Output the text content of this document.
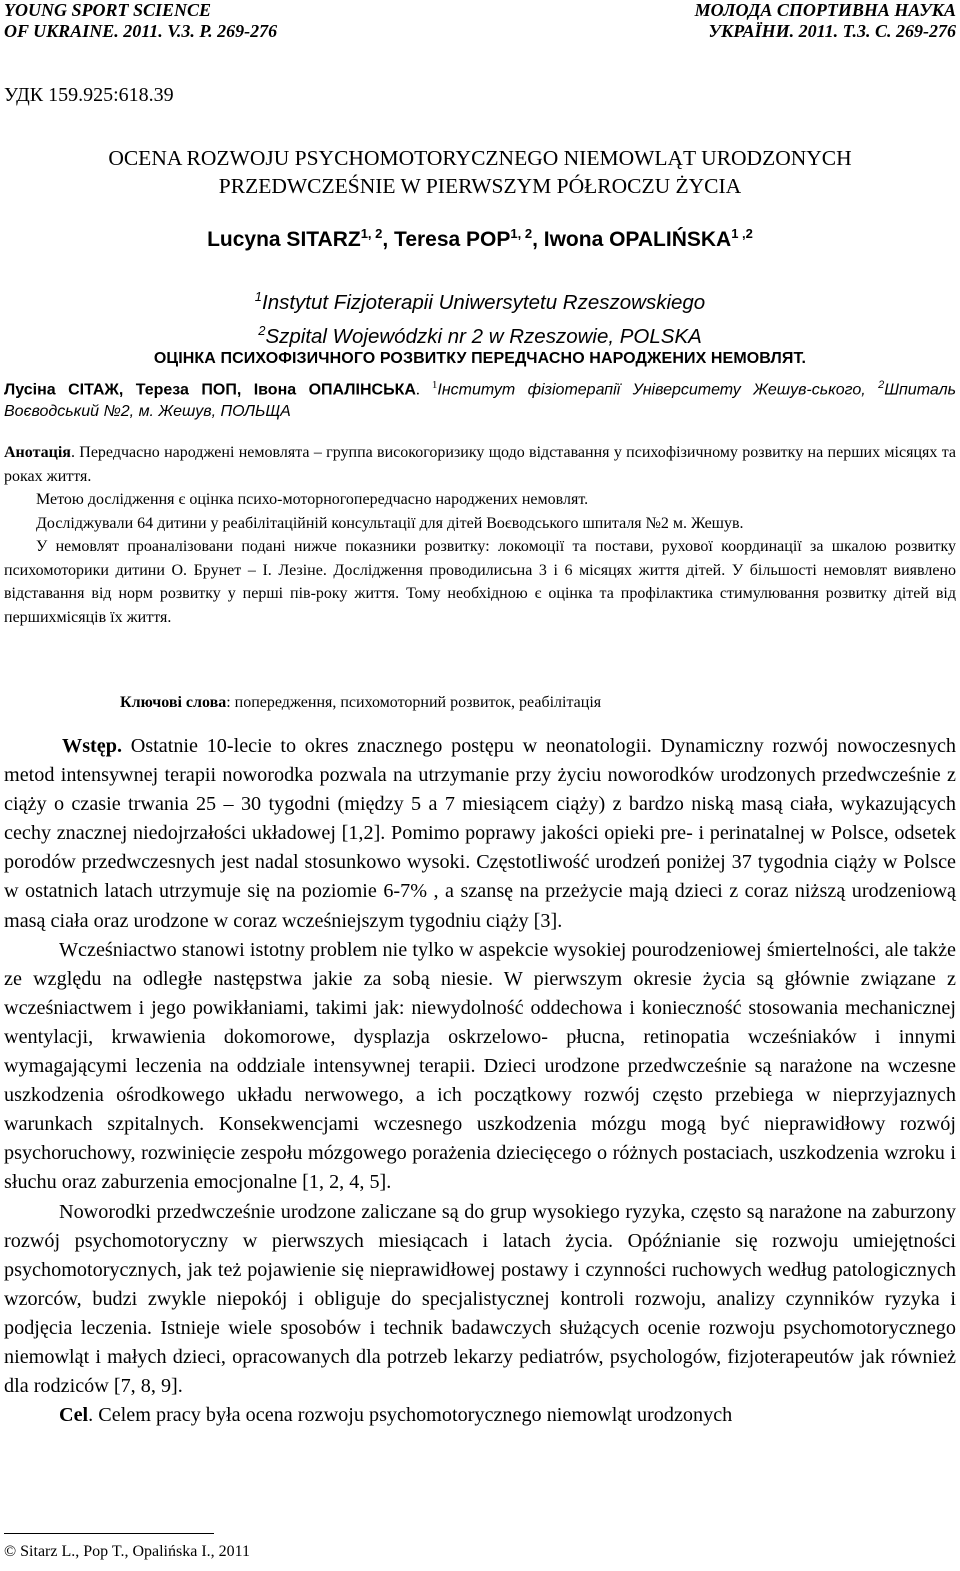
YOUNG SPORT SCIENCE
OF UKRAINE. 2011. V.3. P. 269-276
МОЛОДА СПОРТИВНА НАУКА
УКРАЇНИ. 2011. Т.3. С. 269-276
УДК 159.925:618.39
OCENA ROZWOJU PSYCHOMOTORYCZNEGO NIEMOWLĄT URODZONYCH
PRZEDWCZEŚNIE W PIERWSZYM PÓŁROCZU ŻYCIA
Lucyna SITARZ$^{1, 2}$, Teresa POP$^{1, 2}$, Iwona OPALIŃSKA$^{1 ,2}$
$^1$Instytut Fizjoterapii Uniwersytetu Rzeszowskiego
$^2$Szpital Wojewódzki nr 2 w Rzeszowie, POLSKA
ОЦІНКА ПСИХОФІЗИЧНОГО РОЗВИТКУ ПЕРЕДЧАСНО НАРОДЖЕНИХ НЕМОВЛЯТ.
Лусіна СІТАЖ, Тереза ПОП, Івона ОПАЛІНСЬКА. $^1$Інститут фізіотерапії Університету Жешув-ського, $^2$Шпиталь Воєводський №2, м. Жешув, ПОЛЬЩА

Анотація. Передчасно народжені немовлята – группа високогоризику щодо відставання у психофізичному розвитку на перших місяцях та роках життя.

Метою дослідження є оцінка психо-моторногопередчасно народжених немовлят.

Досліджували 64 дитини у реабілітаційній консультації для дітей Воєводського шпиталя №2 м. Жешув.

У немовлят проаналізовани подані нижче показники розвитку: локомоції та постави, рухової координації за шкалою розвитку психомоторики дитини О. Брунет – І. Лезіне. Дослідження проводилисьна 3 і 6 місяцях життя дітей. У більшості немовлят виявлено відставання від норм розвитку у перші пів-року життя. Тому необхідною є оцінка та профілактика стимулювання розвитку дітей від першихмісяців їх життя.

Ключові слова: попередження, психомоторний розвиток, реабілітація

Wstęp. Ostatnie 10-lecie to okres znacznego postępu w neonatologii. Dynamiczny rozwój nowoczesnych metod intensywnej terapii noworodka pozwala na utrzymanie przy życiu noworodków urodzonych przedwcześnie z ciąży o czasie trwania 25 – 30 tygodni (między 5 a 7 miesiącem ciąży) z bardzo niską masą ciała, wykazujących cechy znacznej niedojrzałości układowej [1,2]. Pomimo poprawy jakości opieki pre- i perinatalnej w Polsce, odsetek porodów przedwczesnych jest nadal stosunkowo wysoki. Częstotliwość urodzeń poniżej 37 tygodnia ciąży w Polsce w ostatnich latach utrzymuje się na poziomie 6-7% , a szansę na przeżycie mają dzieci z coraz niższą urodzeniową masą ciała oraz urodzone w coraz wcześniejszym tygodniu ciąży [3].

Wcześniactwo stanowi istotny problem nie tylko w aspekcie wysokiej pourodzeniowej śmiertelności, ale także ze względu na odległe następstwa jakie za sobą niesie. W pierwszym okresie życia są głównie związane z wcześniactwem i jego powikłaniami, takimi jak: niewydolność oddechowa i konieczność stosowania mechanicznej wentylacji, krwawienia dokomorowe, dysplazja oskrzelowo- płucna, retinopatia wcześniaków i innymi wymagającymi leczenia na oddziale intensywnej terapii. Dzieci urodzone przedwcześnie są narażone na wczesne uszkodzenia ośrodkowego układu nerwowego, a ich początkowy rozwój często przebiega w nieprzyjaznych warunkach szpitalnych. Konsekwencjami wczesnego uszkodzenia mózgu mogą być nieprawidłowy rozwój psychoruchowy, rozwinięcie zespołu mózgowego porażenia dziecięcego o różnych postaciach, uszkodzenia wzroku i słuchu oraz zaburzenia emocjonalne [1, 2, 4, 5].

Noworodki przedwcześnie urodzone zaliczane są do grup wysokiego ryzyka, często są narażone na zaburzony rozwój psychomotoryczny w pierwszych miesiącach i latach życia. Opóźnianie się rozwoju umiejętności psychomotorycznych, jak też pojawienie się nieprawidłowej postawy i czynności ruchowych według patologicznych wzorców, budzi zwykle niepokój i obliguje do specjalistycznej kontroli rozwoju, analizy czynników ryzyka i podjęcia leczenia. Istnieje wiele sposobów i technik badawczych służących ocenie rozwoju psychomotorycznego niemowląt i małych dzieci, opracowanych dla potrzeb lekarzy pediatrów, psychologów, fizjoterapeutów jak również dla rodziców [7, 8, 9].

Cel. Celem pracy była ocena rozwoju psychomotorycznego niemowląt urodzonych

© Sitarz L., Pop T., Opalińska I., 2011
